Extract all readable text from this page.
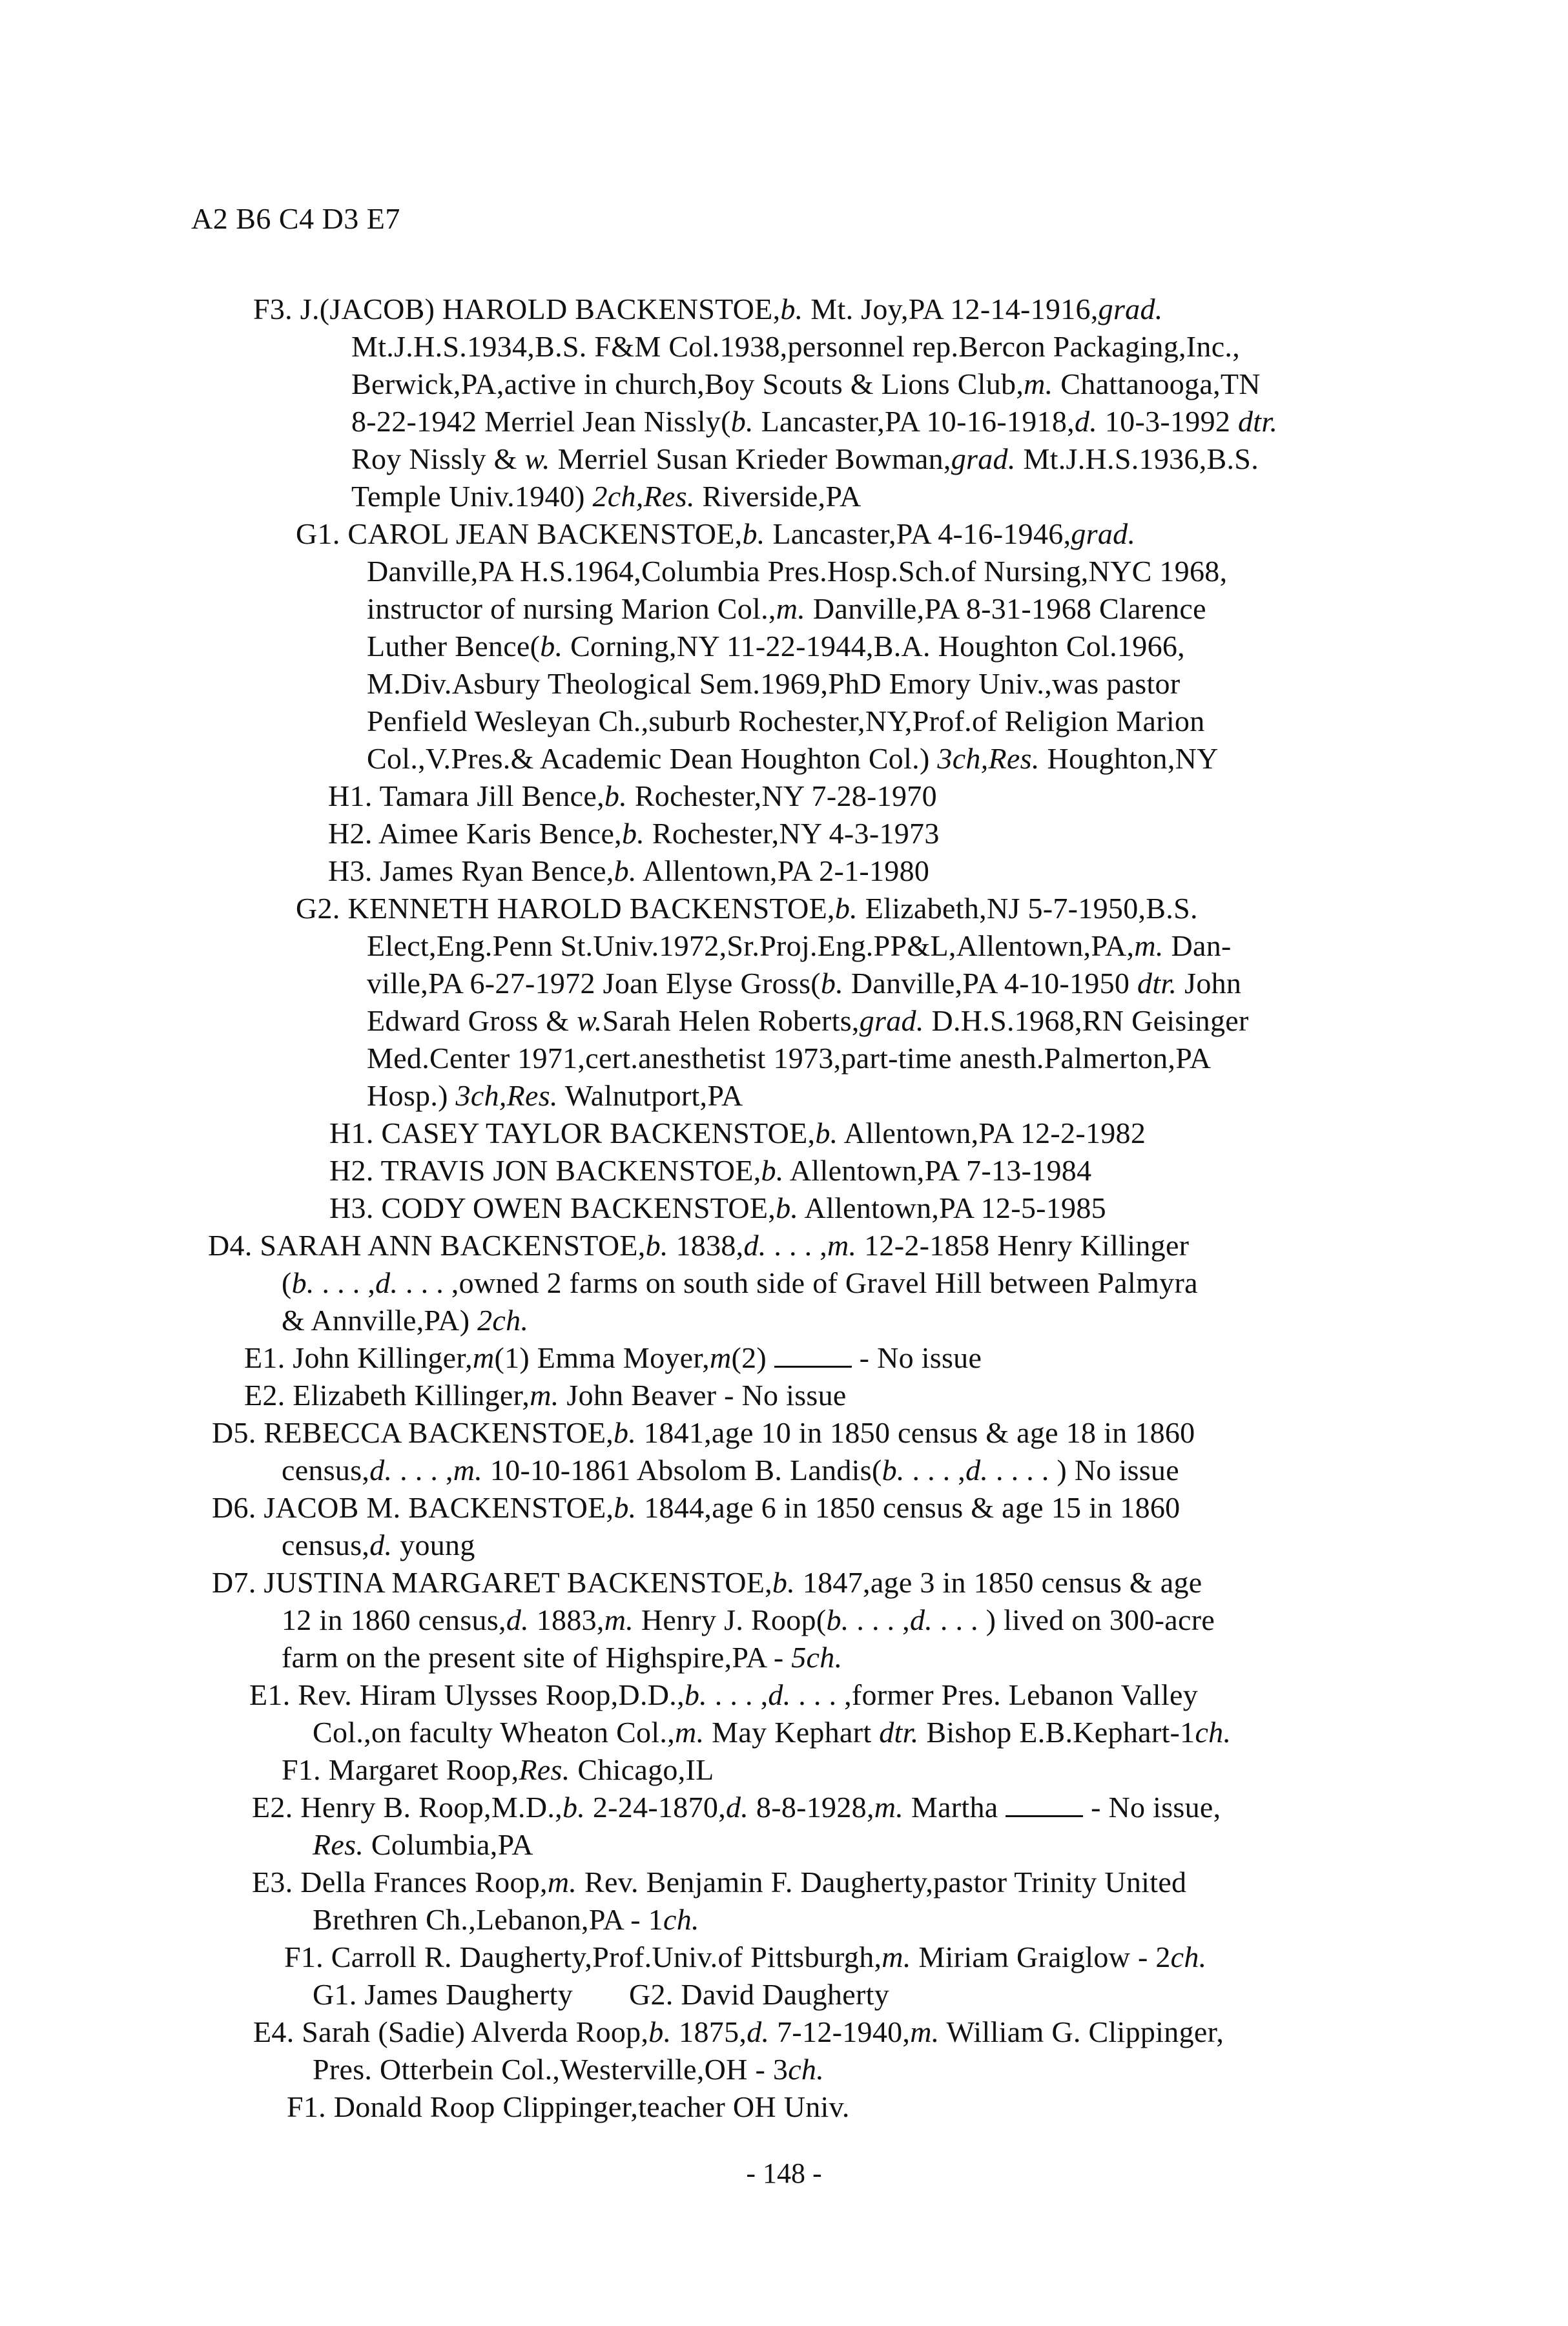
A2 B6 C4 D3 E7
F3. J.(JACOB) HAROLD BACKENSTOE,b. Mt. Joy,PA 12-14-1916,grad.
Mt.J.H.S.1934,B.S. F&M Col.1938,personnel rep.Bercon Packaging,Inc.,
Berwick,PA,active in church,Boy Scouts & Lions Club,m. Chattanooga,TN
8-22-1942 Merriel Jean Nissly(b. Lancaster,PA 10-16-1918,d. 10-3-1992 dtr.
Roy Nissly & w. Merriel Susan Krieder Bowman,grad. Mt.J.H.S.1936,B.S.
Temple Univ.1940) 2ch,Res. Riverside,PA
G1. CAROL JEAN BACKENSTOE,b. Lancaster,PA 4-16-1946,grad.
Danville,PA H.S.1964,Columbia Pres.Hosp.Sch.of Nursing,NYC 1968,
instructor of nursing Marion Col.,m. Danville,PA 8-31-1968 Clarence
Luther Bence(b. Corning,NY 11-22-1944,B.A. Houghton Col.1966,
M.Div.Asbury Theological Sem.1969,PhD Emory Univ.,was pastor
Penfield Wesleyan Ch.,suburb Rochester,NY,Prof.of Religion Marion
Col.,V.Pres.& Academic Dean Houghton Col.) 3ch,Res. Houghton,NY
H1. Tamara Jill Bence,b. Rochester,NY 7-28-1970
H2. Aimee Karis Bence,b. Rochester,NY 4-3-1973
H3. James Ryan Bence,b. Allentown,PA 2-1-1980
G2. KENNETH HAROLD BACKENSTOE,b. Elizabeth,NJ 5-7-1950,B.S.
Elect,Eng.Penn St.Univ.1972,Sr.Proj.Eng.PP&L,Allentown,PA,m. Dan-
ville,PA 6-27-1972 Joan Elyse Gross(b. Danville,PA 4-10-1950 dtr. John
Edward Gross & w.Sarah Helen Roberts,grad. D.H.S.1968,RN Geisinger
Med.Center 1971,cert.anesthetist 1973,part-time anesth.Palmerton,PA
Hosp.) 3ch,Res. Walnutport,PA
H1. CASEY TAYLOR BACKENSTOE,b. Allentown,PA 12-2-1982
H2. TRAVIS JON BACKENSTOE,b. Allentown,PA 7-13-1984
H3. CODY OWEN BACKENSTOE,b. Allentown,PA 12-5-1985
D4. SARAH ANN BACKENSTOE,b. 1838,d. . . . ,m. 12-2-1858 Henry Killinger
(b. . . . ,d. . . . ,owned 2 farms on south side of Gravel Hill between Palmyra
& Annville,PA) 2ch.
E1. John Killinger,m(1) Emma Moyer,m(2)	- No issue
E2. Elizabeth Killinger,m. John Beaver - No issue
D5. REBECCA BACKENSTOE,b. 1841,age 10 in 1850 census & age 18 in 1860
census,d. . . . ,m. 10-10-1861 Absolom B. Landis(b. . . . ,d. . . . . ) No issue
D6. JACOB M. BACKENSTOE,b. 1844,age 6 in 1850 census & age 15 in 1860
census,d. young
D7. JUSTINA MARGARET BACKENSTOE,b. 1847,age 3 in 1850 census & age
12 in 1860 census,d. 1883,m. Henry J. Roop(b. . . . ,d. . . . ) lived on 300-acre
farm on the present site of Highspire,PA - 5ch.
E1. Rev. Hiram Ulysses Roop,D.D.,b. . . . ,d. . . . ,former Pres. Lebanon Valley
Col.,on faculty Wheaton Col.,m. May Kephart dtr. Bishop E.B.Kephart-1ch.
F1. Margaret Roop,Res. Chicago,IL
E2. Henry B. Roop,M.D.,b. 2-24-1870,d. 8-8-1928,m. Martha	- No issue,
Res. Columbia,PA
E3. Della Frances Roop,m. Rev. Benjamin F. Daugherty,pastor Trinity United
Brethren Ch.,Lebanon,PA - 1ch.
F1. Carroll R. Daugherty,Prof.Univ.of Pittsburgh,m. Miriam Graiglow - 2ch.
G1. James Daugherty G2. David Daugherty
E4. Sarah (Sadie) Alverda Roop,b. 1875,d. 7-12-1940,m. William G. Clippinger,
Pres. Otterbein Col.,Westerville,OH - 3ch.
F1. Donald Roop Clippinger,teacher OH Univ.
- 148 -
